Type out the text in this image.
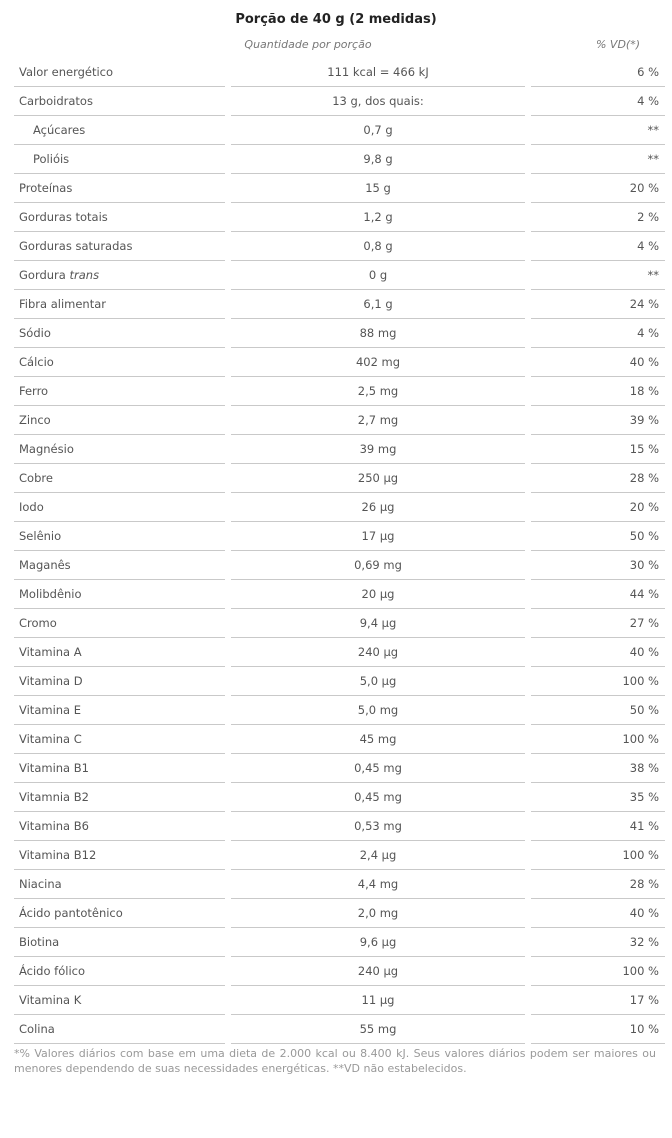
Porção de 40 g (2 medidas)
Quantidade por porção	% VD(*)
Valor energético		111 kcal = 466 kJ		6 %
Carboidratos		13 g, dos quais:		4 %
Açúcares		0,7 g		**
Polióis		9,8 g		**
Proteínas		15 g		20 %
Gorduras totais		1,2 g		2 %
Gorduras saturadas		0,8 g		4 %
Gordura trans		0 g		**
Fibra alimentar		6,1 g		24 %
Sódio		88 mg		4 %
Cálcio		402 mg		40 %
Ferro		2,5 mg		18 %
Zinco		2,7 mg		39 %
Magnésio		39 mg		15 %
Cobre		250 µg		28 %
Iodo		26 µg		20 %
Selênio		17 µg		50 %
Maganês		0,69 mg		30 %
Molibdênio		20 µg		44 %
Cromo		9,4 µg		27 %
Vitamina A		240 µg		40 %
Vitamina D		5,0 µg		100 %
Vitamina E		5,0 mg		50 %
Vitamina C		45 mg		100 %
Vitamina B1		0,45 mg		38 %
Vitamnia B2		0,45 mg		35 %
Vitamina B6		0,53 mg		41 %
Vitamina B12		2,4 µg		100 %
Niacina		4,4 mg		28 %
Ácido pantotênico		2,0 mg		40 %
Biotina		9,6 µg		32 %
Ácido fólico		240 µg		100 %
Vitamina K		11 µg		17 %
Colina		55 mg		10 %
*% Valores diários com base em uma dieta de 2.000 kcal ou 8.400 kJ. Seus valores diários podem ser maiores ou menores dependendo de suas necessidades energéticas. **VD não estabelecidos.
